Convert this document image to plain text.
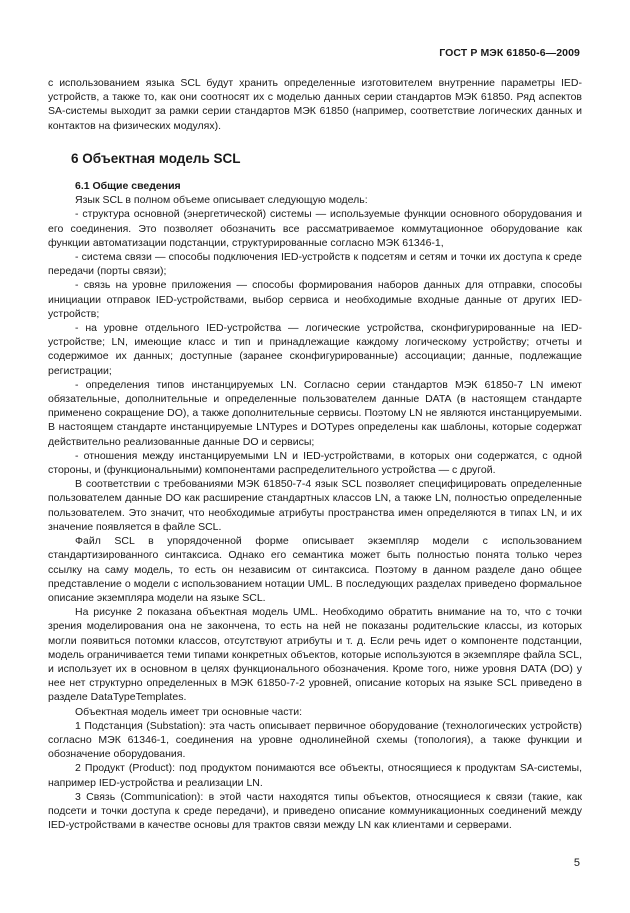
ГОСТ Р МЭК 61850-6—2009

с использованием языка SCL будут хранить определенные изготовителем внутренние параметры IED-устройств, а также то, как они соотносят их с моделью данных серии стандартов МЭК 61850. Ряд аспектов SA-системы выходит за рамки серии стандартов МЭК 61850 (например, соответствие логических данных и контактов на физических модулях).

6 Объектная модель SCL

6.1 Общие сведения

Язык SCL в полном объеме описывает следующую модель:

- структура основной (энергетической) системы — используемые функции основного оборудования и его соединения. Это позволяет обозначить все рассматриваемое коммутационное оборудование как функции автоматизации подстанции, структурированные согласно МЭК 61346-1,

- система связи — способы подключения IED-устройств к подсетям и сетям и точки их доступа к среде передачи (порты связи);

- связь на уровне приложения — способы формирования наборов данных для отправки, способы инициации отправок IED-устройствами, выбор сервиса и необходимые входные данные от других IED- устройств;

- на уровне отдельного IED-устройства — логические устройства, сконфигурированные на IED-устройстве; LN, имеющие класс и тип и принадлежащие каждому логическому устройству; отчеты и содержимое их данных; доступные (заранее сконфигурированные) ассоциации; данные, подлежащие регистрации;

- определения типов инстанцируемых LN. Согласно серии стандартов МЭК 61850-7 LN имеют обязательные, дополнительные и определенные пользователем данные DATA (в настоящем стандарте применено сокращение DO), а также дополнительные сервисы. Поэтому LN не являются инстанцируемыми. В настоящем стандарте инстанцируемые LNTypes и DOTypes определены как шаблоны, которые содержат действительно реализованные данные DO и сервисы;

- отношения между инстанцируемыми LN и IED-устройствами, в которых они содержатся, с одной стороны, и (функциональными) компонентами распределительного устройства — с другой.

В соответствии с требованиями МЭК 61850-7-4 язык SCL позволяет специфицировать определенные пользователем данные DO как расширение стандартных классов LN, а также LN, полностью определенные пользователем. Это значит, что необходимые атрибуты пространства имен определяются в типах LN, и их значение появляется в файле SCL.

Файл SCL в упорядоченной форме описывает экземпляр модели с использованием стандартизированного синтаксиса. Однако его семантика может быть полностью понята только через ссылку на саму модель, то есть он независим от синтаксиса. Поэтому в данном разделе дано общее представление о модели с использованием нотации UML. В последующих разделах приведено формальное описание экземпляра модели на языке SCL.

На рисунке 2 показана объектная модель UML. Необходимо обратить внимание на то, что с точки зрения моделирования она не закончена, то есть на ней не показаны родительские классы, из которых могли появиться потомки классов, отсутствуют атрибуты и т. д. Если речь идет о компоненте подстанции, модель ограничивается теми типами конкретных объектов, которые используются в экземпляре файла SCL, и использует их в основном в целях функционального обозначения. Кроме того, ниже уровня DATA (DO) у нее нет структурно определенных в МЭК 61850-7-2 уровней, описание которых на языке SCL приведено в разделе DataTypeTemplates.

Объектная модель имеет три основные части:

1 Подстанция (Substation): эта часть описывает первичное оборудование (технологических устройств) согласно МЭК 61346-1, соединения на уровне однолинейной схемы (топология), а также функции и обозначение оборудования.

2 Продукт (Product): под продуктом понимаются все объекты, относящиеся к продуктам SA-системы, например IED-устройства и реализации LN.

3 Связь (Communication): в этой части находятся типы объектов, относящиеся к связи (такие, как подсети и точки доступа к среде передачи), и приведено описание коммуникационных соединений между IED-устройствами в качестве основы для трактов связи между LN как клиентами и серверами.

5
